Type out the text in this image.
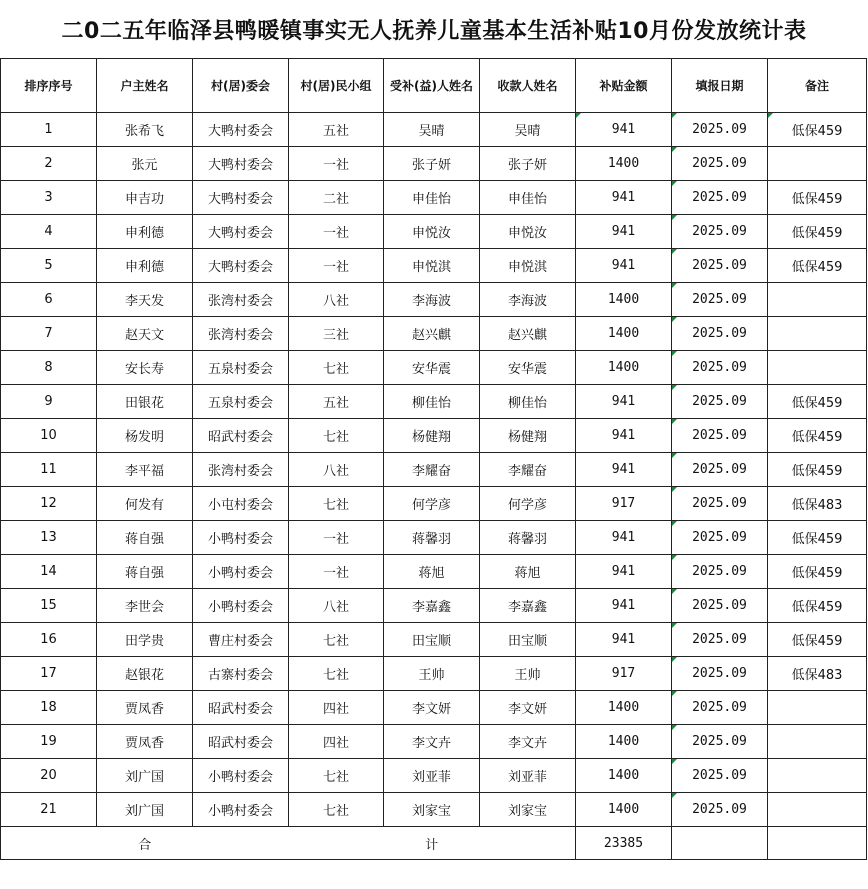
二0二五年临泽县鸭暖镇事实无人抚养儿童基本生活补贴10月份发放统计表
排序序号	户主姓名	村(居)委会	村(居)民小组	受补(益)人姓名	收款人姓名	补贴金额	填报日期	备注
1	张希飞	大鸭村委会	五社	吴晴	吴晴	941	2025.09	低保459
2	张元	大鸭村委会	一社	张子妍	张子妍	1400	2025.09	
3	申吉功	大鸭村委会	二社	申佳怡	申佳怡	941	2025.09	低保459
4	申利德	大鸭村委会	一社	申悦汝	申悦汝	941	2025.09	低保459
5	申利德	大鸭村委会	一社	申悦淇	申悦淇	941	2025.09	低保459
6	李天发	张湾村委会	八社	李海波	李海波	1400	2025.09	
7	赵天文	张湾村委会	三社	赵兴麒	赵兴麒	1400	2025.09	
8	安长寿	五泉村委会	七社	安华震	安华震	1400	2025.09	
9	田银花	五泉村委会	五社	柳佳怡	柳佳怡	941	2025.09	低保459
10	杨发明	昭武村委会	七社	杨健翔	杨健翔	941	2025.09	低保459
11	李平福	张湾村委会	八社	李耀奋	李耀奋	941	2025.09	低保459
12	何发有	小屯村委会	七社	何学彦	何学彦	917	2025.09	低保483
13	蒋自强	小鸭村委会	一社	蒋馨羽	蒋馨羽	941	2025.09	低保459
14	蒋自强	小鸭村委会	一社	蒋旭	蒋旭	941	2025.09	低保459
15	李世会	小鸭村委会	八社	李嘉鑫	李嘉鑫	941	2025.09	低保459
16	田学贵	曹庄村委会	七社	田宝顺	田宝顺	941	2025.09	低保459
17	赵银花	古寨村委会	七社	王帅	王帅	917	2025.09	低保483
18	贾凤香	昭武村委会	四社	李文妍	李文妍	1400	2025.09	
19	贾凤香	昭武村委会	四社	李文卉	李文卉	1400	2025.09	
20	刘广国	小鸭村委会	七社	刘亚菲	刘亚菲	1400	2025.09	
21	刘广国	小鸭村委会	七社	刘家宝	刘家宝	1400	2025.09	
合			计			23385		
